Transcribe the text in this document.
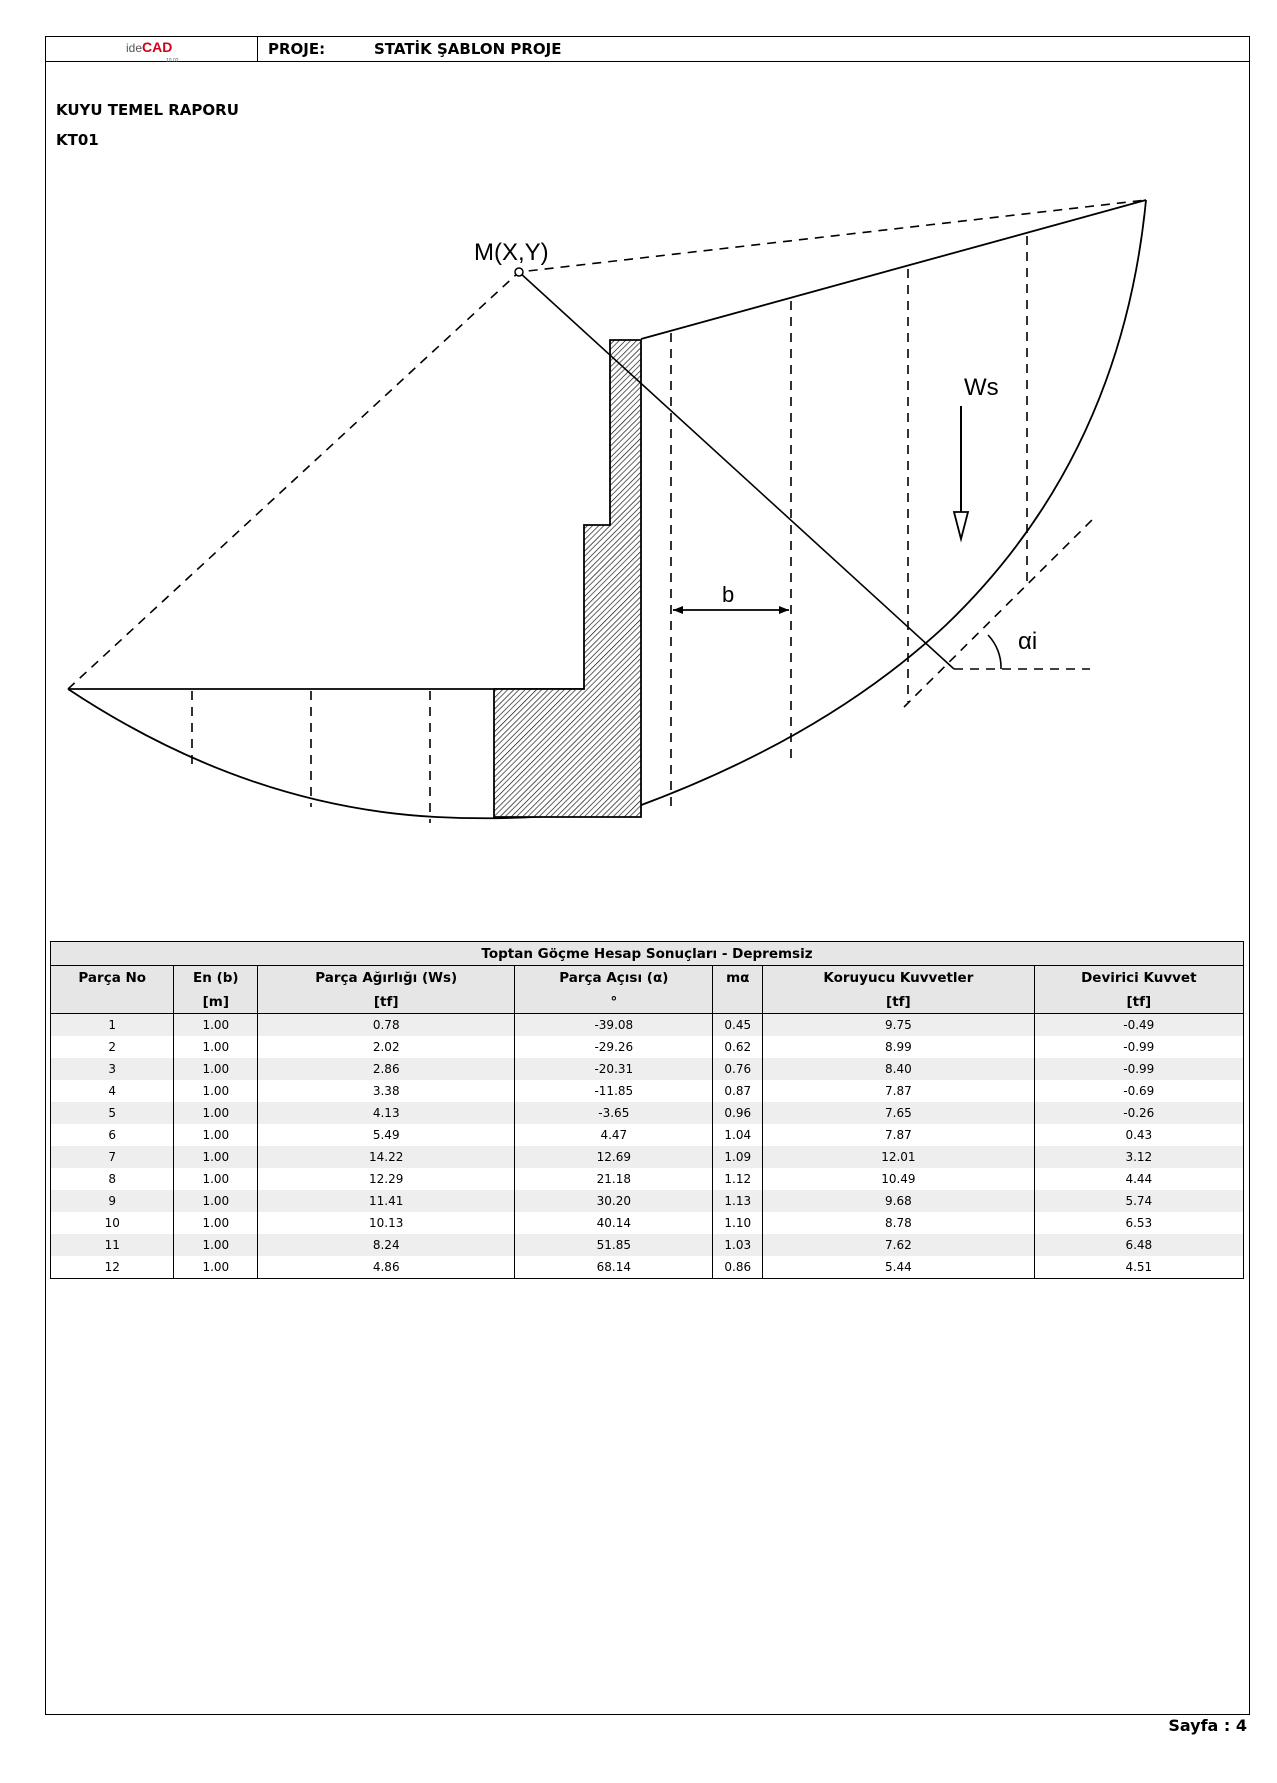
ideCAD
10.02
PROJE:	STATİK ŞABLON PROJE
KUYU TEMEL RAPORU
KT01
M(X,Y)
αi
b
Ws
Toptan Göçme Hesap Sonuçları - Depremsiz						
Parça No	En (b)	Parça Ağırlığı (Ws)	Parça Açısı (α)	mα	Koruyucu Kuvvetler	Devirici Kuvvet
	[m]	[tf]	°		[tf]	[tf]
1	1.00	0.78	-39.08	0.45	9.75	-0.49
2	1.00	2.02	-29.26	0.62	8.99	-0.99
3	1.00	2.86	-20.31	0.76	8.40	-0.99
4	1.00	3.38	-11.85	0.87	7.87	-0.69
5	1.00	4.13	-3.65	0.96	7.65	-0.26
6	1.00	5.49	4.47	1.04	7.87	0.43
7	1.00	14.22	12.69	1.09	12.01	3.12
8	1.00	12.29	21.18	1.12	10.49	4.44
9	1.00	11.41	30.20	1.13	9.68	5.74
10	1.00	10.13	40.14	1.10	8.78	6.53
11	1.00	8.24	51.85	1.03	7.62	6.48
12	1.00	4.86	68.14	0.86	5.44	4.51
Sayfa : 4
